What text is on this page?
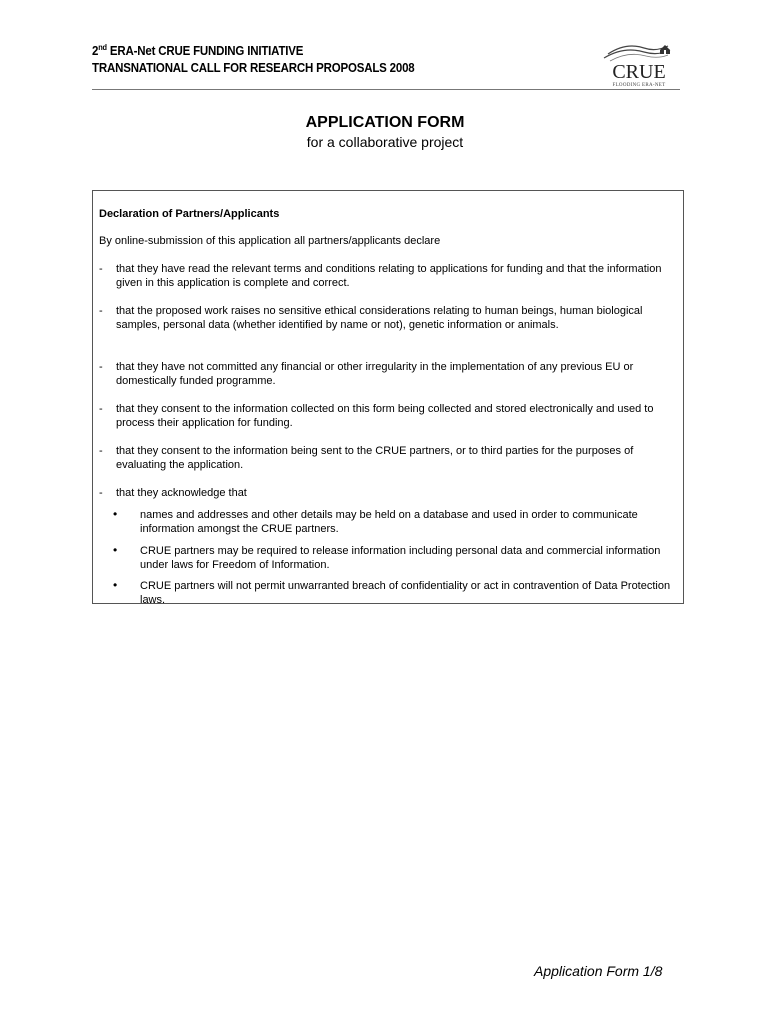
2nd ERA-Net CRUE FUNDING INITIATIVE
TRANSNATIONAL CALL FOR RESEARCH PROPOSALS 2008	CRUE
FLOODING ERA-NET
APPLICATION FORM
for a collaborative project
Declaration of Partners/Applicants
By online-submission of this application all partners/applicants declare
- that they have read the relevant terms and conditions relating to applications for funding and that the information given in this application is complete and correct.
- that the proposed work raises no sensitive ethical considerations relating to human beings, human biological samples, personal data (whether identified by name or not), genetic information or animals.
- that they have not committed any financial or other irregularity in the implementation of any previous EU or domestically funded programme.
- that they consent to the information collected on this form being collected and stored electronically and used to process their application for funding.
- that they consent to the information being sent to the CRUE partners, or to third parties for the purposes of evaluating the application.
- that they acknowledge that
• names and addresses and other details may be held on a database and used in order to communicate information amongst the CRUE partners.
• CRUE partners may be required to release information including personal data and commercial information under laws for Freedom of Information.
• CRUE partners will not permit unwarranted breach of confidentiality or act in contravention of Data Protection laws.
Application Form 1/8
